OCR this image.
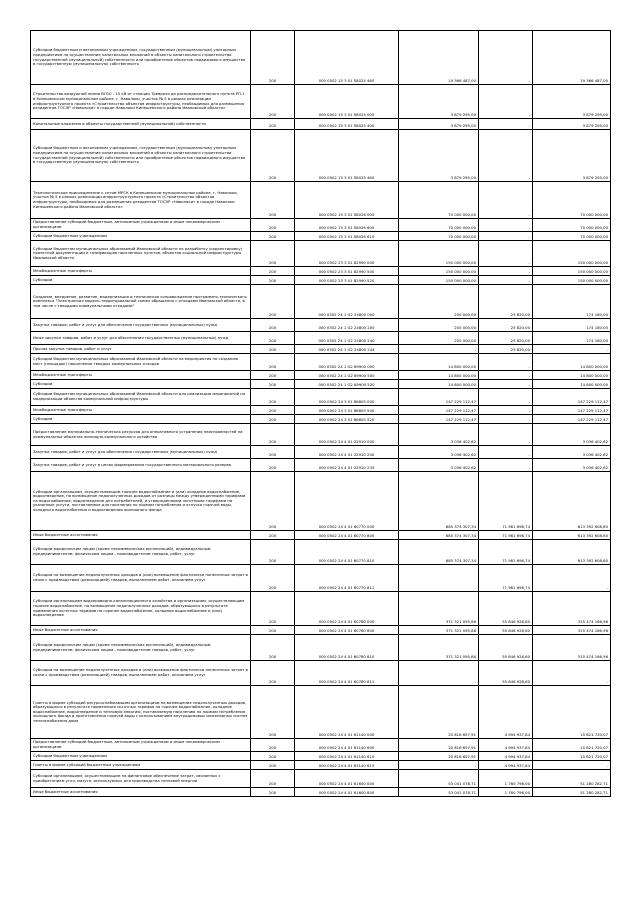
Субсидии бюджетным и автономным учреждениям, государственным (муниципальным) унитарным предприятиям на осуществление капитальных вложений в объекты капитального строительства государственной (муниципальной) собственности или приобретение объектов недвижимого имущества в государственную (муниципальную) собственность	200	000 0502 15 3 01 S8024 460	19 366 487,00	-	19 366 487,00
Строительство воздушной линии ВЛ10 - 15 кВ от станции Треврачо до распределительного пункта РП-1 в Кинешемском муниципальном районе, г. Наволоки, участок № 5 в рамках реализации инфраструктурного проекта «Строительство объектов инфраструктуры, необходимых для размещения резидентов ТОСЭР «Наволоки» в городе Наволоки Кинешемского района Ивановской области»	200	000 0502 15 3 01 S8025 000	3 879 295,00	-	3 879 295,00
Капитальные вложения в объекты государственной (муниципальной) собственности	200	000 0502 15 3 01 S8025 400	3 879 295,00	-	3 879 295,00
Субсидии бюджетным и автономным учреждениям, государственным (муниципальным) унитарным предприятиям на осуществление капитальных вложений в объекты капитального строительства государственной (муниципальной) собственности или приобретение объектов недвижимого имущества в государственную (муниципальную) собственность	200	000 0502 15 3 01 S8025 460	3 879 295,00	-	3 879 295,00
Технологическое присоединение к сетям МРСК в Кинешемском муниципальном районе, г. Наволоки, участка № 5 в рамках реализации инфраструктурного проекта «Строительство объектов инфраструктуры, необходимых для размещения резидентов ТОСЭР «Наволоки» в городе Наволоки Кинешемского района Ивановской области»	200	000 0502 15 3 01 S8026 000	70 000 000,00	-	70 000 000,00
Предоставление субсидий бюджетным, автономным учреждениям и иным некоммерческим организациям	200	000 0502 15 3 01 S8026 600	70 000 000,00	-	70 000 000,00
Субсидии бюджетным учреждениям	200	000 0502 15 3 01 S8026 610	70 000 000,00	-	70 000 000,00
Субсидии бюджетам муниципальных образований Ивановской области на разработку (корректировку) проектной документации и газификацию населенных пунктов, объектов социальной инфраструктуры Ивановской области	200	000 0502 23 3 01 82990 000	150 000 000,00	-	150 000 000,00
Межбюджетные трансферты	200	000 0502 23 3 01 82990 500	150 000 000,00	-	150 000 000,00
Субсидии	200	000 0502 23 3 01 82990 520	150 000 000,00	-	150 000 000,00
Создание, внедрение, развитие, модернизация и техническое сопровождение программно-технического комплекса "Электронная модель-территориальной схемы обращения с отходами Ивановской области, в том числе с твердыми коммунальными отходами"	200	000 0502 24 1 G2 24800 000	200 000,00	25 820,00	174 180,00
Закупка товаров, работ и услуг для обеспечения государственных (муниципальных) нужд	200	000 0502 24 1 G2 24800 200	200 000,00	25 820,00	174 180,00
Иные закупки товаров, работ и услуг для обеспечения государственных (муниципальных) нужд	200	000 0502 24 1 G2 24800 240	200 000,00	25 820,00	174 180,00
Прочая закупка товаров, работ и услуг	200	000 0502 24 1 G2 24800 244	-	25 820,00	-
Субсидии бюджетам муниципальных образований Ивановской области на мероприятия по созданию мест (площадок) накопления твердых коммунальных отходов	200	000 0502 24 1 G2 89900 000	14 800 000,00	-	14 800 000,00
Межбюджетные трансферты	200	000 0502 24 1 G2 89900 500	14 800 000,00	-	14 800 000,00
Субсидии	200	000 0502 24 1 G2 89900 520	14 800 000,00	-	14 800 000,00
Субсидии бюджетам муниципальных образований Ивановской области для реализации мероприятий по модернизации объектов коммунальной инфраструктуры	200	000 0502 24 3 01 86805 000	147 229 112,47	-	147 229 112,47
Межбюджетные трансферты	200	000 0502 24 3 01 86805 500	147 229 112,47	-	147 229 112,47
Субсидии	200	000 0502 24 3 01 86805 520	147 229 112,47	-	147 229 112,47
Предоставление материально-технических ресурсов для оперативного устранения неисправностей на коммунальных объектах жилищно-коммунального хозяйства	200	000 0502 24 4 01 22910 000	3 036 402,62	-	3 036 402,62
Закупка товаров, работ и услуг для обеспечения государственных (муниципальных) нужд	200	000 0502 24 4 01 22910 200	3 036 402,62	-	3 036 402,62
Закупка товаров, работ и услуг в целях формирования государственного материального резерва	200	000 0502 24 4 01 22910 233	3 036 402,62	-	3 036 402,62
Субсидии организациям, осуществляющим горячее водоснабжение и (или) холодное водоснабжение, водоотведение, на возмещение недополученных доходов от разницы между утвержденными тарифами на водоснабжение, водоотведение для потребителей, и утвержденными льготными тарифами на указанные услуги, поставляемые для населения по нормам потребления и отпуска горячей воды, холодного водоснабжения и водоотведения жилищного фонда	200	000 0502 24 4 01 60770 000	685 374 307,34	71 981 698,74	613 392 608,60
Иные бюджетные ассигнования	200	000 0502 24 4 01 60770 800	685 374 307,34	71 981 698,74	613 392 608,60
Субсидии юридическим лицам (кроме некоммерческих организаций), индивидуальным предпринимателям, физическим лицам - производителям товаров, работ, услуг	200	000 0502 24 4 01 60770 810	685 374 307,34	71 981 698,74	613 392 608,60
Субсидии на возмещение недополученных доходов и (или) возмещение фактически понесенных затрат в связи с производством (реализацией) товаров, выполнением работ, оказанием услуг	200	000 0502 24 4 01 60770 811	-	71 981 698,74	-
Субсидии организациям водопроводно-канализационного хозяйства и организациям, осуществляющим горячее водоснабжение, на возмещение недополученных доходов, образующихся в результате применения льготных тарифов на горячее водоснабжение, холодное водоснабжение и (или) водоотведение	200	000 0502 24 4 01 60780 000	371 321 095,86	55 846 928,60	315 474 166,96
Иные бюджетные ассигнования	200	000 0502 24 4 01 60780 800	371 321 095,86	55 846 928,60	315 474 166,96
Субсидии юридическим лицам (кроме некоммерческих организаций), индивидуальным предпринимателям, физическим лицам - производителям товаров, работ, услуг	200	000 0502 24 4 01 60780 810	371 321 095,86	55 846 928,60	315 474 166,96
Субсидии на возмещение недополученных доходов и (или) возмещение фактически понесенных затрат в связи с производством (реализацией) товаров, выполнением работ, оказанием услуг	200	000 0502 24 4 01 60780 811	-	55 846 928,60	-
Гранты в форме субсидий ресурсоснабжающим организациям на возмещение недополученных доходов, образующихся в результате применения льготных тарифов на горячее водоснабжение, холодное водоснабжение, водоотведение и тепловую энергию, поставляемую населению по нормам потребления жилищного фонда и приготовления горячей воды с использованием внутридомовых инженерных систем теплоснабжения дома	200	000 0502 24 4 01 61140 000	20 816 657,91	4 994 937,84	15 821 720,07
Предоставление субсидий бюджетным, автономным учреждениям и иным некоммерческим организациям	200	000 0502 24 4 01 61140 600	20 816 657,91	4 994 937,84	15 821 720,07
Субсидии бюджетным учреждениям	200	000 0502 24 4 01 61140 610	20 816 657,91	4 994 937,84	15 821 720,07
Гранты в форме субсидий бюджетным учреждениям	200	000 0502 24 4 01 61140 613	-	4 994 937,84	-
Субсидии организациям, осуществляющим на финансовое обеспечение затрат, связанных с приобретением угля, мазута, используемых для производства тепловой энергии	200	000 0502 24 4 01 61600 000	53 041 078,71	1 760 796,00	51 280 282,71
Иные бюджетные ассигнования	200	000 0502 24 4 01 61600 800	53 041 078,71	1 760 796,00	51 280 282,71
